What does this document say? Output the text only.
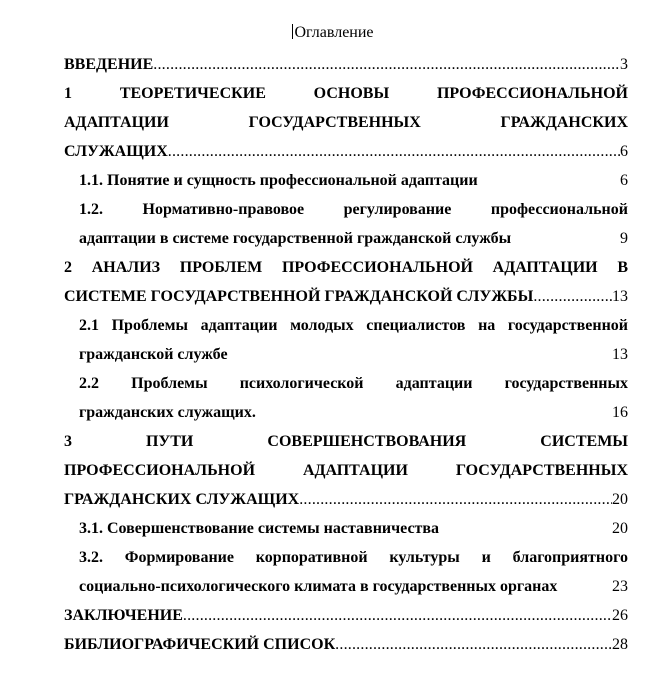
Оглавление
ВВЕДЕНИЕ .....	3
1 ТЕОРЕТИЧЕСКИЕ ОСНОВЫ ПРОФЕССИОНАЛЬНОЙ
АДАПТАЦИИ ГОСУДАРСТВЕННЫХ ГРАЖДАНСКИХ
СЛУЖАЩИХ .....	6
1.1. Понятие и сущность профессиональной адаптации	6
1.2. Нормативно-правовое регулирование профессиональной
адаптации в системе государственной гражданской службы	9
2 АНАЛИЗ ПРОБЛЕМ ПРОФЕССИОНАЛЬНОЙ АДАПТАЦИИ В
СИСТЕМЕ ГОСУДАРСТВЕННОЙ ГРАЖДАНСКОЙ СЛУЖБЫ .....	13
2.1 Проблемы адаптации молодых специалистов на государственной
гражданской службе	13
2.2 Проблемы психологической адаптации государственных
гражданских служащих.	16
3 ПУТИ СОВЕРШЕНСТВОВАНИЯ СИСТЕМЫ
ПРОФЕССИОНАЛЬНОЙ АДАПТАЦИИ ГОСУДАРСТВЕННЫХ
ГРАЖДАНСКИХ СЛУЖАЩИХ .....	20
3.1. Совершенствование системы наставничества	20
3.2. Формирование корпоративной культуры и благоприятного
социально-психологического климата в государственных органах	23
ЗАКЛЮЧЕНИЕ .....	26
БИБЛИОГРАФИЧЕСКИЙ СПИСОК .....	28
